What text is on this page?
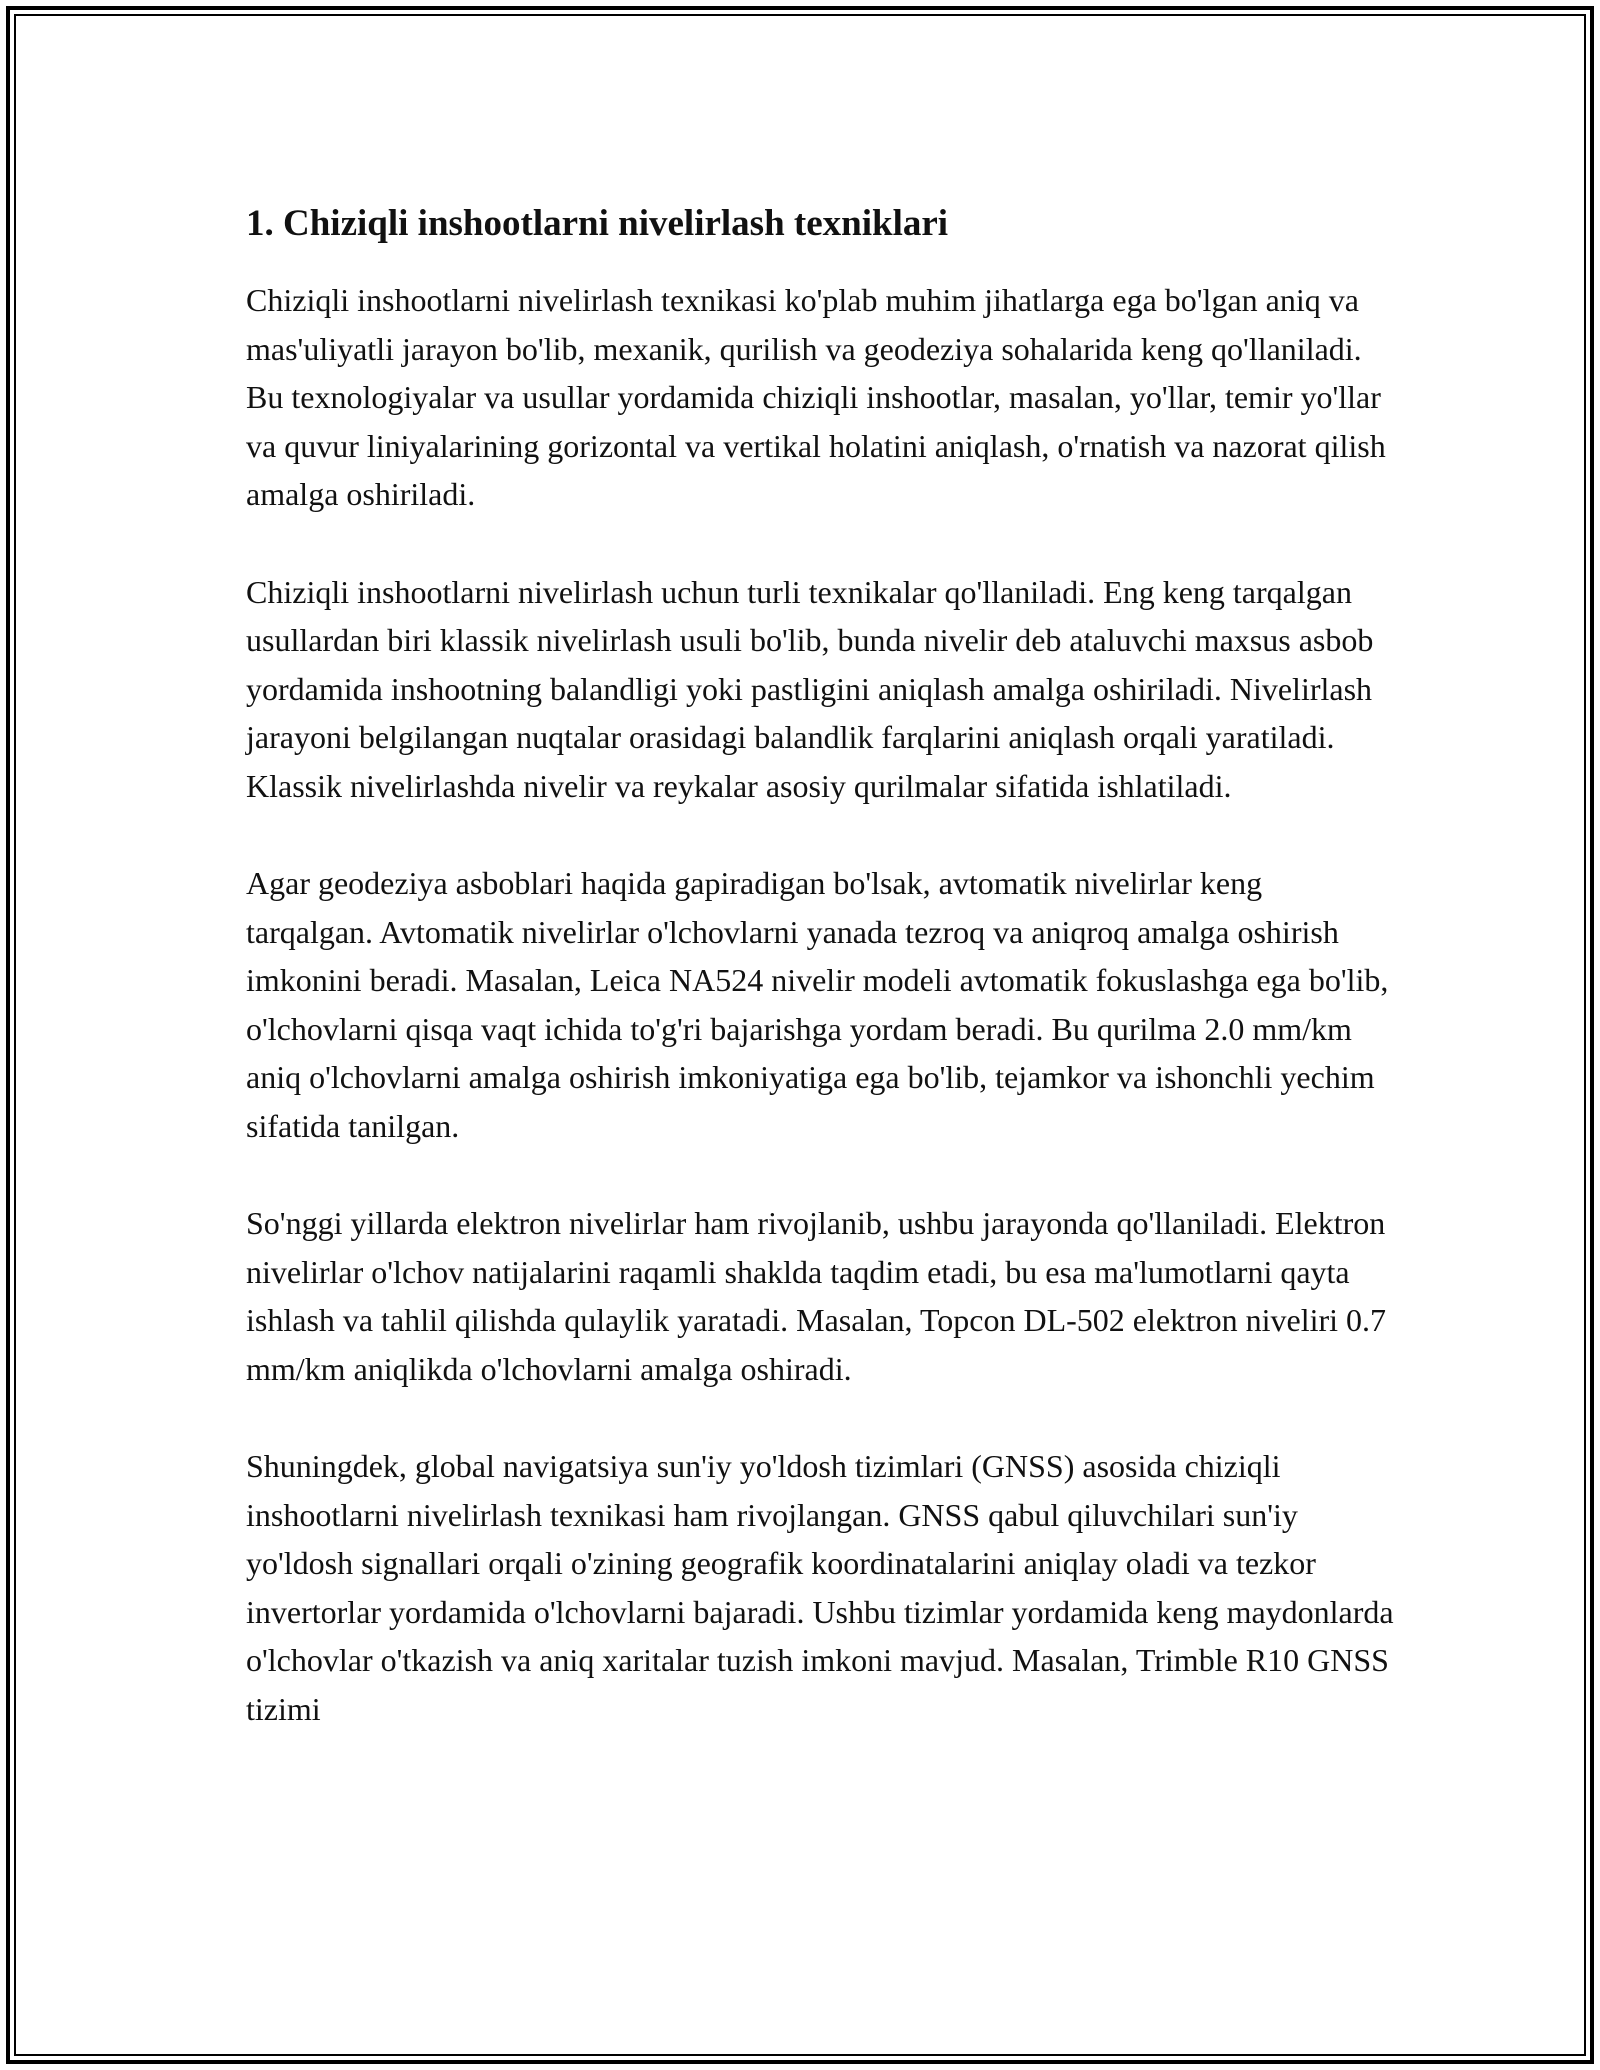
1. Chiziqli inshootlarni nivelirlash texniklari

Chiziqli inshootlarni nivelirlash texnikasi ko'plab muhim jihatlarga ega bo'lgan aniq va mas'uliyatli jarayon bo'lib, mexanik, qurilish va geodeziya sohalarida keng qo'llaniladi. Bu texnologiyalar va usullar yordamida chiziqli inshootlar, masalan, yo'llar, temir yo'llar va quvur liniyalarining gorizontal va vertikal holatini aniqlash, o'rnatish va nazorat qilish amalga oshiriladi.

Chiziqli inshootlarni nivelirlash uchun turli texnikalar qo'llaniladi. Eng keng tarqalgan usullardan biri klassik nivelirlash usuli bo'lib, bunda nivelir deb ataluvchi maxsus asbob yordamida inshootning balandligi yoki pastligini aniqlash amalga oshiriladi. Nivelirlash jarayoni belgilangan nuqtalar orasidagi balandlik farqlarini aniqlash orqali yaratiladi. Klassik nivelirlashda nivelir va reykalar asosiy qurilmalar sifatida ishlatiladi.

Agar geodeziya asboblari haqida gapiradigan bo'lsak, avtomatik nivelirlar keng tarqalgan. Avtomatik nivelirlar o'lchovlarni yanada tezroq va aniqroq amalga oshirish imkonini beradi. Masalan, Leica NA524 nivelir modeli avtomatik fokuslashga ega bo'lib, o'lchovlarni qisqa vaqt ichida to'g'ri bajarishga yordam beradi. Bu qurilma 2.0 mm/km aniq o'lchovlarni amalga oshirish imkoniyatiga ega bo'lib, tejamkor va ishonchli yechim sifatida tanilgan.

So'nggi yillarda elektron nivelirlar ham rivojlanib, ushbu jarayonda qo'llaniladi. Elektron nivelirlar o'lchov natijalarini raqamli shaklda taqdim etadi, bu esa ma'lumotlarni qayta ishlash va tahlil qilishda qulaylik yaratadi. Masalan, Topcon DL-502 elektron niveliri 0.7 mm/km aniqlikda o'lchovlarni amalga oshiradi.

Shuningdek, global navigatsiya sun'iy yo'ldosh tizimlari (GNSS) asosida chiziqli inshootlarni nivelirlash texnikasi ham rivojlangan. GNSS qabul qiluvchilari sun'iy yo'ldosh signallari orqali o'zining geografik koordinatalarini aniqlay oladi va tezkor invertorlar yordamida o'lchovlarni bajaradi. Ushbu tizimlar yordamida keng maydonlarda o'lchovlar o'tkazish va aniq xaritalar tuzish imkoni mavjud. Masalan, Trimble R10 GNSS tizimi
